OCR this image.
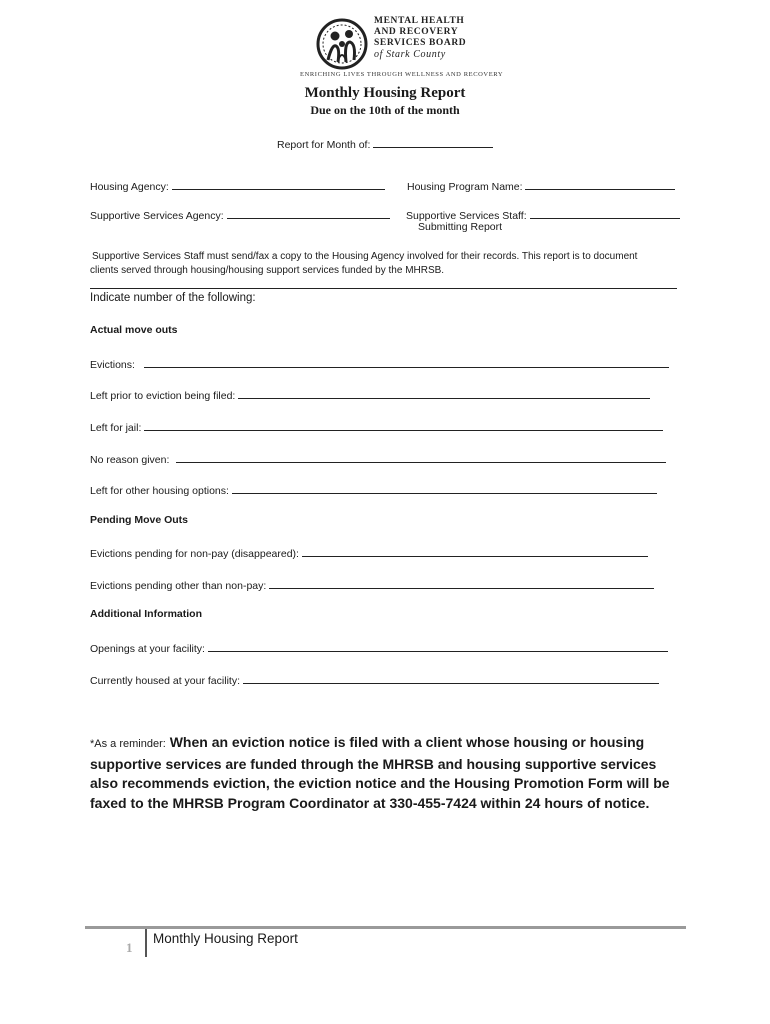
MENTAL HEALTH
AND RECOVERY
SERVICES BOARD
of Stark County
ENRICHING LIVES THROUGH WELLNESS AND RECOVERY
Monthly Housing Report
Due on the 10th of the month
Report for Month of:
Housing Agency:	Housing Program Name:
Supportive Services Agency:	Supportive Services Staff:
Submitting Report
Supportive Services Staff must send/fax a copy to the Housing Agency involved for their records. This report is to document
clients served through housing/housing support services funded by the MHRSB.
Indicate number of the following:
Actual move outs
Evictions:
Left prior to eviction being filed:
Left for jail:
No reason given:
Left for other housing options:
Pending Move Outs
Evictions pending for non-pay (disappeared):
Evictions pending other than non-pay:
Additional Information
Openings at your facility:
Currently housed at your facility:
*As a reminder: When an eviction notice is filed with a client whose housing or housing supportive services are funded through the MHRSB and housing supportive services also recommends eviction, the eviction notice and the Housing Promotion Form will be faxed to the MHRSB Program Coordinator at 330-455-7424 within 24 hours of notice.
1
Monthly Housing Report
